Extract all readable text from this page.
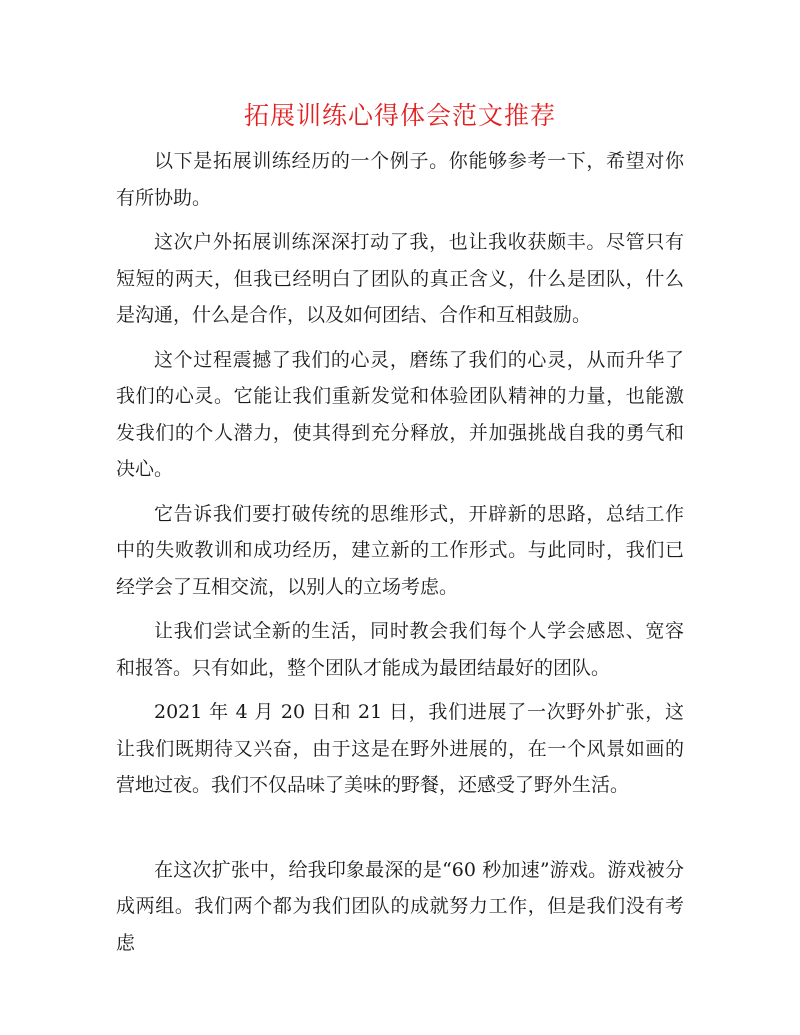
拓展训练心得体会范文推荐

以下是拓展训练经历的一个例子。你能够参考一下，希望对你有所协助。

这次户外拓展训练深深打动了我，也让我收获颇丰。尽管只有短短的两天，但我已经明白了团队的真正含义，什么是团队，什么是沟通，什么是合作，以及如何团结、合作和互相鼓励。

这个过程震撼了我们的心灵，磨练了我们的心灵，从而升华了我们的心灵。它能让我们重新发觉和体验团队精神的力量，也能激发我们的个人潜力，使其得到充分释放，并加强挑战自我的勇气和决心。

它告诉我们要打破传统的思维形式，开辟新的思路，总结工作中的失败教训和成功经历，建立新的工作形式。与此同时，我们已经学会了互相交流，以别人的立场考虑。

让我们尝试全新的生活，同时教会我们每个人学会感恩、宽容和报答。只有如此，整个团队才能成为最团结最好的团队。

2021 年 4 月 20 日和 21 日，我们进展了一次野外扩张，这让我们既期待又兴奋，由于这是在野外进展的，在一个风景如画的营地过夜。我们不仅品味了美味的野餐，还感受了野外生活。

在这次扩张中，给我印象最深的是“60 秒加速”游戏。游戏被分成两组。我们两个都为我们团队的成就努力工作，但是我们没有考虑
